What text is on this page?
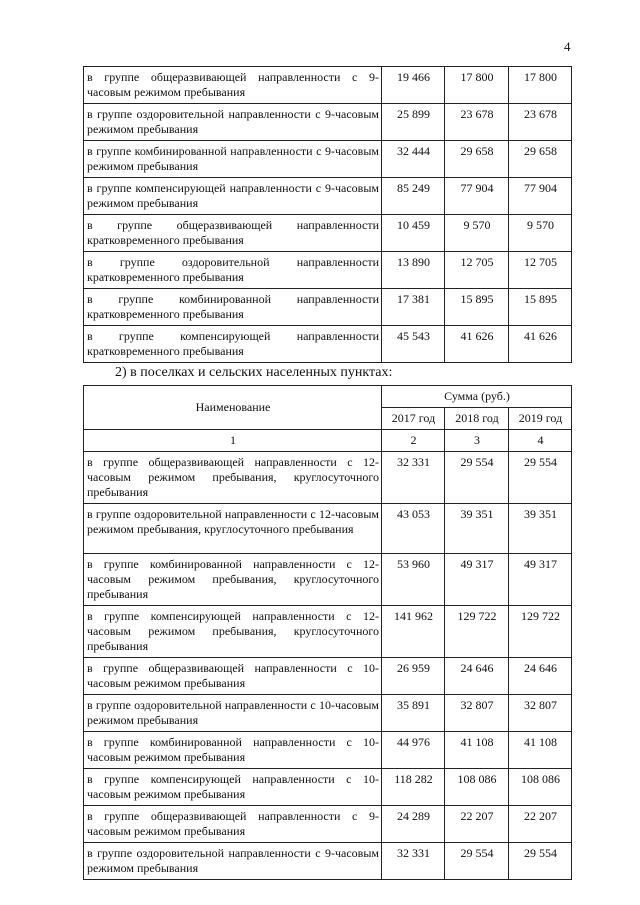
4
в группе общеразвивающей направленности с 9-часовым режимом пребывания	19 466	17 800	17 800
в группе оздоровительной направленности с 9-часовым режимом пребывания	25 899	23 678	23 678
в группе комбинированной направленности с 9-часовым режимом пребывания	32 444	29 658	29 658
в группе компенсирующей направленности с 9-часовым режимом пребывания	85 249	77 904	77 904
в группе общеразвивающей направленности кратковременного пребывания	10 459	9 570	9 570
в группе оздоровительной направленности кратковременного пребывания	13 890	12 705	12 705
в группе комбинированной направленности кратковременного пребывания	17 381	15 895	15 895
в группе компенсирующей направленности кратковременного пребывания	45 543	41 626	41 626
2) в поселках и сельских населенных пунктах:
Наименование	Сумма (руб.)		
	2017 год	2018 год	2019 год
1	2	3	4
в группе общеразвивающей направленности с 12-часовым режимом пребывания, круглосуточного пребывания	32 331	29 554	29 554
в группе оздоровительной направленности с 12-часовым режимом пребывания, круглосуточного пребывания	43 053	39 351	39 351
в группе комбинированной направленности с 12-часовым режимом пребывания, круглосуточного пребывания	53 960	49 317	49 317
в группе компенсирующей направленности с 12-часовым режимом пребывания, круглосуточного пребывания	141 962	129 722	129 722
в группе общеразвивающей направленности с 10-часовым режимом пребывания	26 959	24 646	24 646
в группе оздоровительной направленности с 10-часовым режимом пребывания	35 891	32 807	32 807
в группе комбинированной направленности с 10-часовым режимом пребывания	44 976	41 108	41 108
в группе компенсирующей направленности с 10-часовым режимом пребывания	118 282	108 086	108 086
в группе общеразвивающей направленности с 9-часовым режимом пребывания	24 289	22 207	22 207
в группе оздоровительной направленности с 9-часовым режимом пребывания	32 331	29 554	29 554
